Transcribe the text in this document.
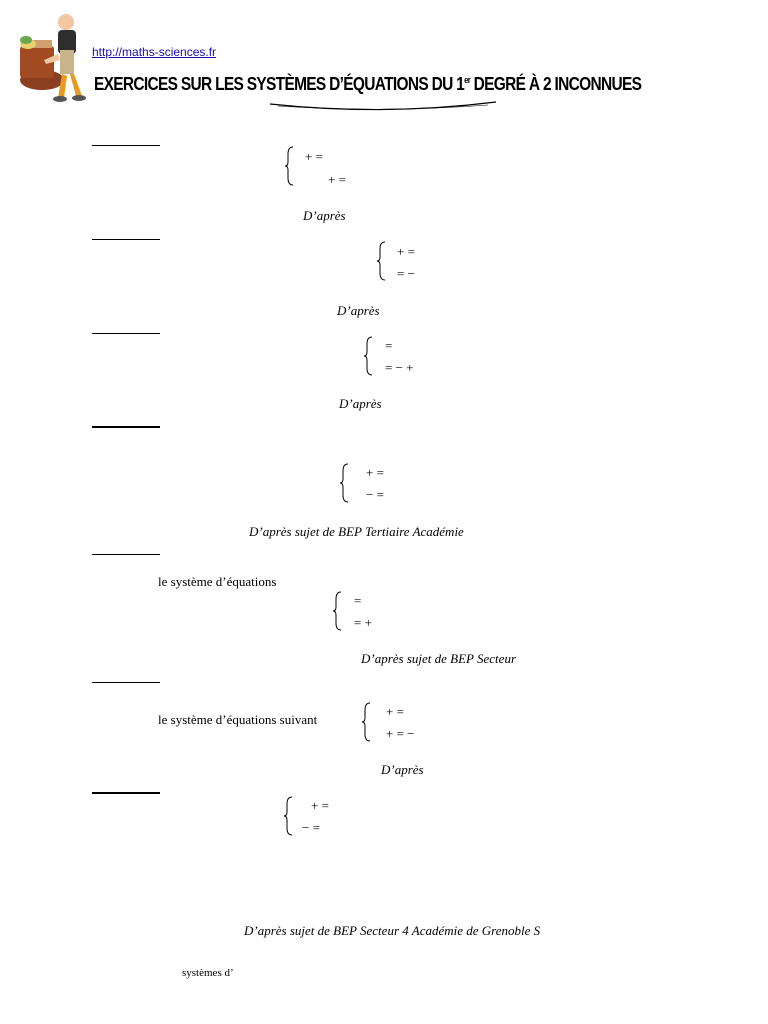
http://maths-sciences.fr
EXERCICES SUR LES SYSTÈMES D’ÉQUATIONS DU 1er DEGRÉ À 2 INCONNUES
+ =
+ =
D’après
+ =
= −
D’après
=
= − +
D’après
+ =
− =
D’après sujet de BEP Tertiaire Académie
le système d’équations
=
= +
D’après sujet de BEP Secteur
le système d’équations suivant
+ =
+ = −
D’après
+ =
− =
D’après sujet de BEP Secteur 4 Académie de Grenoble S
systèmes d’
